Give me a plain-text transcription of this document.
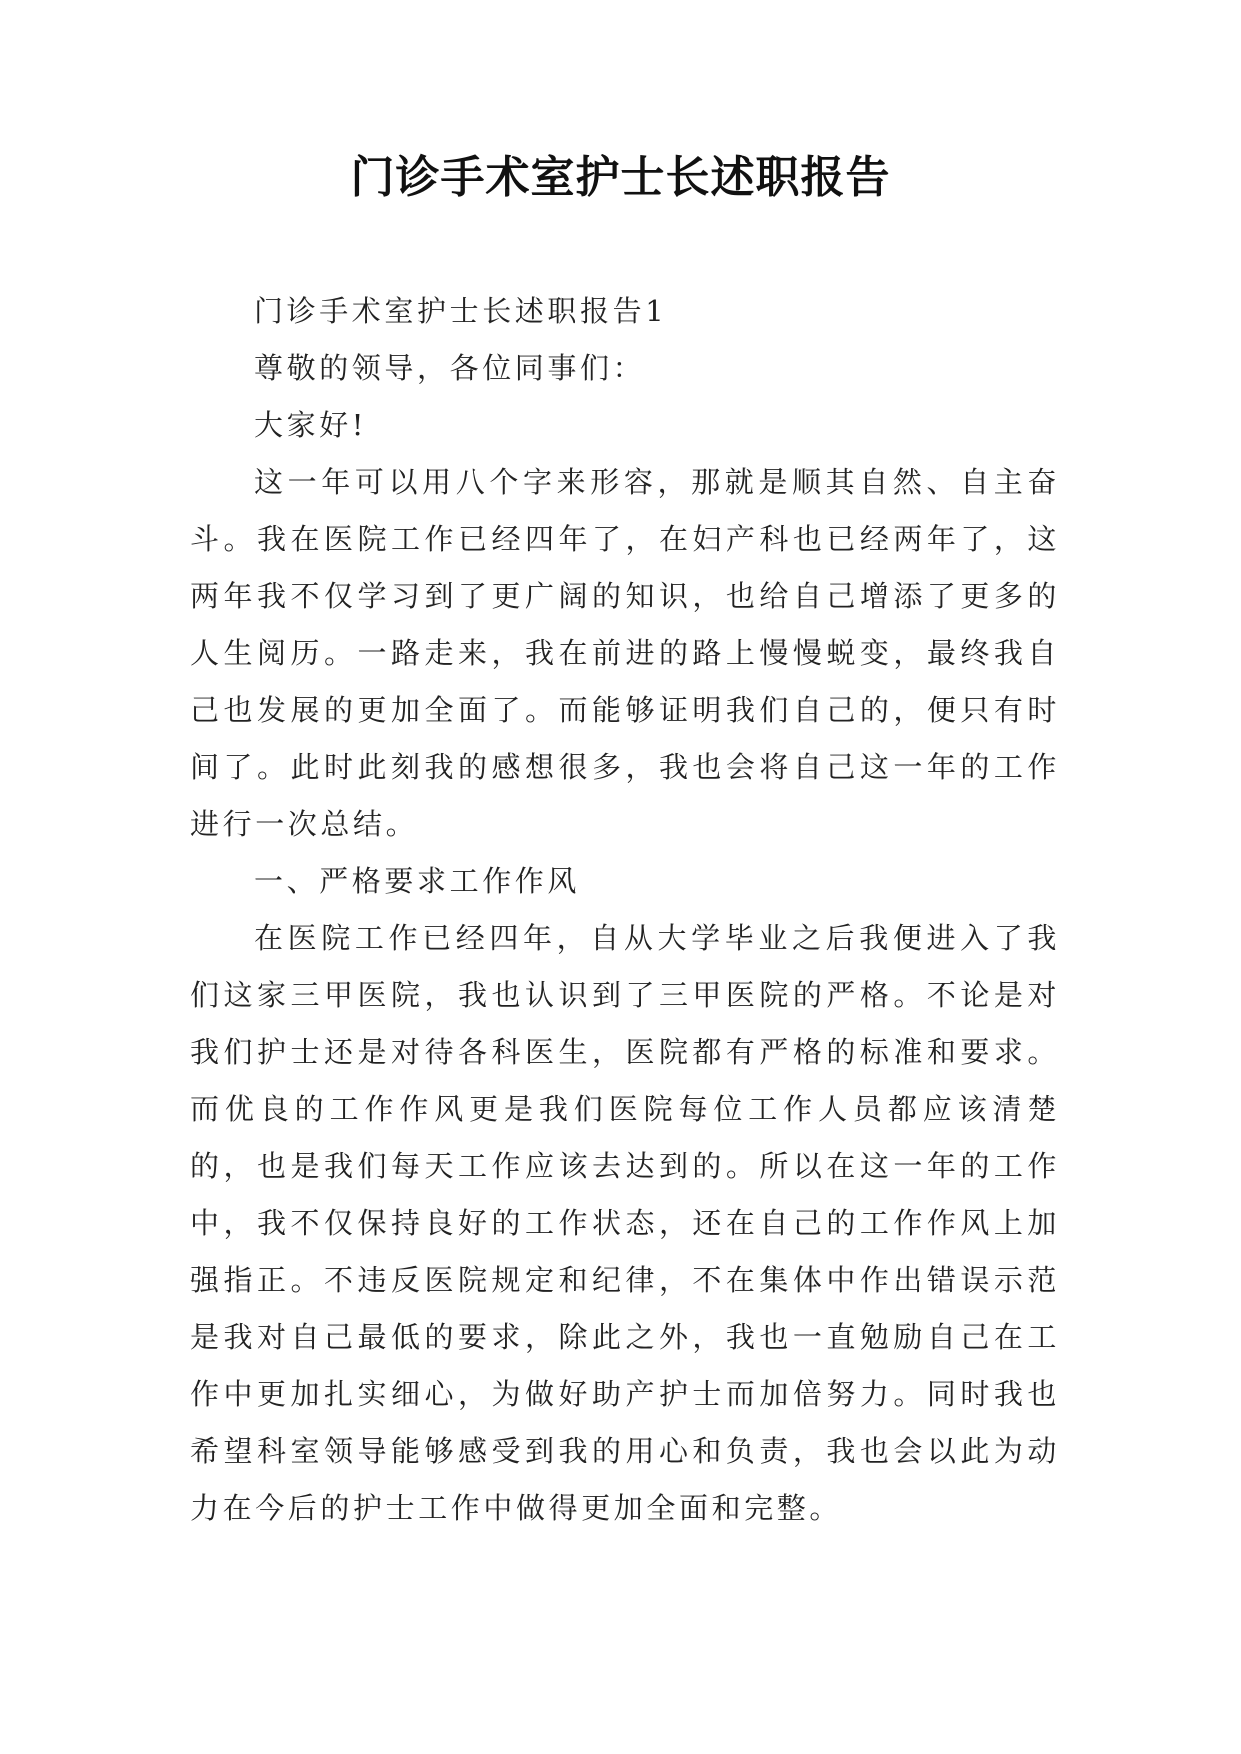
门诊手术室护士长述职报告

门诊手术室护士长述职报告1

尊敬的领导，各位同事们：

大家好!

这一年可以用八个字来形容，那就是顺其自然、自主奋斗。我在医院工作已经四年了，在妇产科也已经两年了，这两年我不仅学习到了更广阔的知识，也给自己增添了更多的人生阅历。一路走来，我在前进的路上慢慢蜕变，最终我自己也发展的更加全面了。而能够证明我们自己的，便只有时间了。此时此刻我的感想很多，我也会将自己这一年的工作进行一次总结。

一、严格要求工作作风

在医院工作已经四年，自从大学毕业之后我便进入了我们这家三甲医院，我也认识到了三甲医院的严格。不论是对我们护士还是对待各科医生，医院都有严格的标准和要求。而优良的工作作风更是我们医院每位工作人员都应该清楚的，也是我们每天工作应该去达到的。所以在这一年的工作中，我不仅保持良好的工作状态，还在自己的工作作风上加强指正。不违反医院规定和纪律，不在集体中作出错误示范是我对自己最低的要求，除此之外，我也一直勉励自己在工作中更加扎实细心，为做好助产护士而加倍努力。同时我也希望科室领导能够感受到我的用心和负责，我也会以此为动力在今后的护士工作中做得更加全面和完整。
